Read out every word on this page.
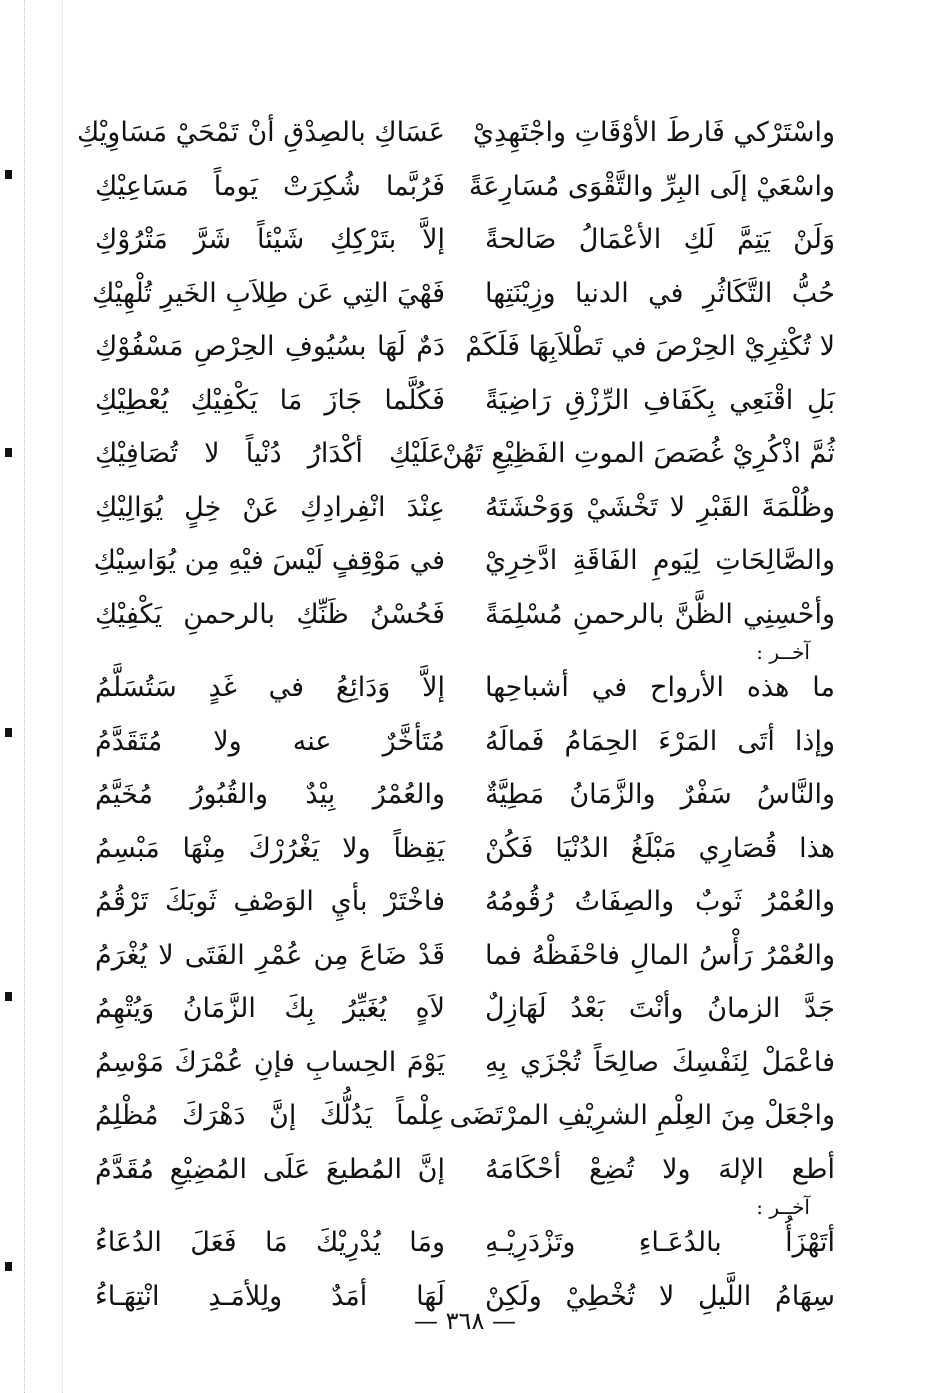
واسْتَرْكي فَارطَ الأوْقَاتِ واجْتَهِدِيْ
عَسَاكِ بالصِدْقِ أنْ تَمْحَيْ مَسَاوِيْكِ
واسْعَيْ إلَى البِرِّ والتَّقْوَى مُسَارِعَةً
فَرُبَّما شُكِرَتْ يَوماً مَسَاعِيْكِ
وَلَنْ يَتِمَّ لَكِ الأعْمَالُ صَالحةً
إلاَّ بتَرْكِكِ شَيْئاً شَرَّ مَتْرُوْكِ
حُبُّ التَّكَاثُرِ في الدنيا وزِيْنَتِها
فَهْيَ التِي عَن طِلاَبِ الخَيرِ تُلْهِيْكِ
لا تُكْثِرِيْ الحِرْصَ في تَطْلاَبِهَا فَلَكَمْ
دَمٌ لَهَا بسُيُوفِ الحِرْصِ مَسْفُوْكِ
بَلِ اقْنَعِي بِكَفَافِ الرِّزْقِ رَاضِيَةً
فَكُلَّما جَازَ مَا يَكْفِيْكِ يُعْطِيْكِ
ثُمَّ اذْكُرِيْ غُصَصَ الموتِ الفَظِيْعِ تَهُنْ
عَلَيْكِ أكْدَارُ دُنْياً لا تُصَافِيْكِ
وظُلْمَةَ القَبْرِ لا تَخْشَيْ وَوَحْشَتَهُ
عِنْدَ انْفِرادِكِ عَنْ خِلٍ يُوَالِيْكِ
والصَّالِحَاتِ لِيَومِ الفَاقَةِ ادَّخِرِيْ
في مَوْقِفٍ لَيْسَ فيْهِ مِن يُوَاسِيْكِ
وأحْسِنِي الظَّنَّ بالرحمنِ مُسْلِمَةً
فَحُسْنُ ظَنِّكِ بالرحمنِ يَكْفِيْكِ
آخــر :
ما هذه الأرواح في أشباحِها
إلاَّ وَدَائِعُ في غَدٍ سَتُسَلَّمُ
وإذا أتَى المَرْءَ الحِمَامُ فَمالَهُ
مُتَأخَّرٌ عنه ولا مُتَقَدَّمُ
والنَّاسُ سَفْرٌ والزَّمَانُ مَطِيَّةٌ
والعُمْرُ بِيْدٌ والقُبُورُ مُخَيَّمُ
هذا قُصَارِي مَبْلَغُ الدُنْيَا فَكُنْ
يَقِظاً ولا يَغْرُرْكَ مِنْهَا مَبْسِمُ
والعُمْرُ ثَوبٌ والصِفَاتُ رُقُومُهُ
فاخْتَرْ بأيِ الوَصْفِ ثَوبَكَ تَرْقُمُ
والعُمْرُ رَأْسُ المالِ فاحْفَظْهُ فما
قَدْ ضَاعَ مِن عُمْرِ الفَتَى لا يُغْرَمُ
جَدَّ الزمانُ وأنْتَ بَعْدُ لَهَازِلٌ
لاَهٍ يُغَيِّرُ بِكَ الزَّمَانُ وَيُتْهِمُ
فاعْمَلْ لِنَفْسِكَ صالِحَاً تُجْزَي بِهِ
يَوْمَ الحِسابِ فإنِ عُمْرَكَ مَوْسِمُ
واجْعَلْ مِنَ العِلْمِ الشرِيْفِ المرْتَضَى
عِلْماً يَدُلُّكَ إنَّ دَهْرَكَ مُظْلِمُ
أطع الإلهَ ولا تُضِعْ أحْكَامَهُ
إنَّ المُطيعَ عَلَى المُضِيْعِ مُقَدَّمُ
آخــر :
أتَهْزَأُ بالدُعَـاءِ وتَزْدَرِيْـهِ
ومَا يُدْرِيْكَ مَا فَعَلَ الدُعَاءُ
سِهَامُ اللَّيلِ لا تُخْطِيْ ولَكِنْ
لَهَا أمَدٌ ولِلأمَـدِ انْتِهَـاءُ
— ٣٦٨ —
